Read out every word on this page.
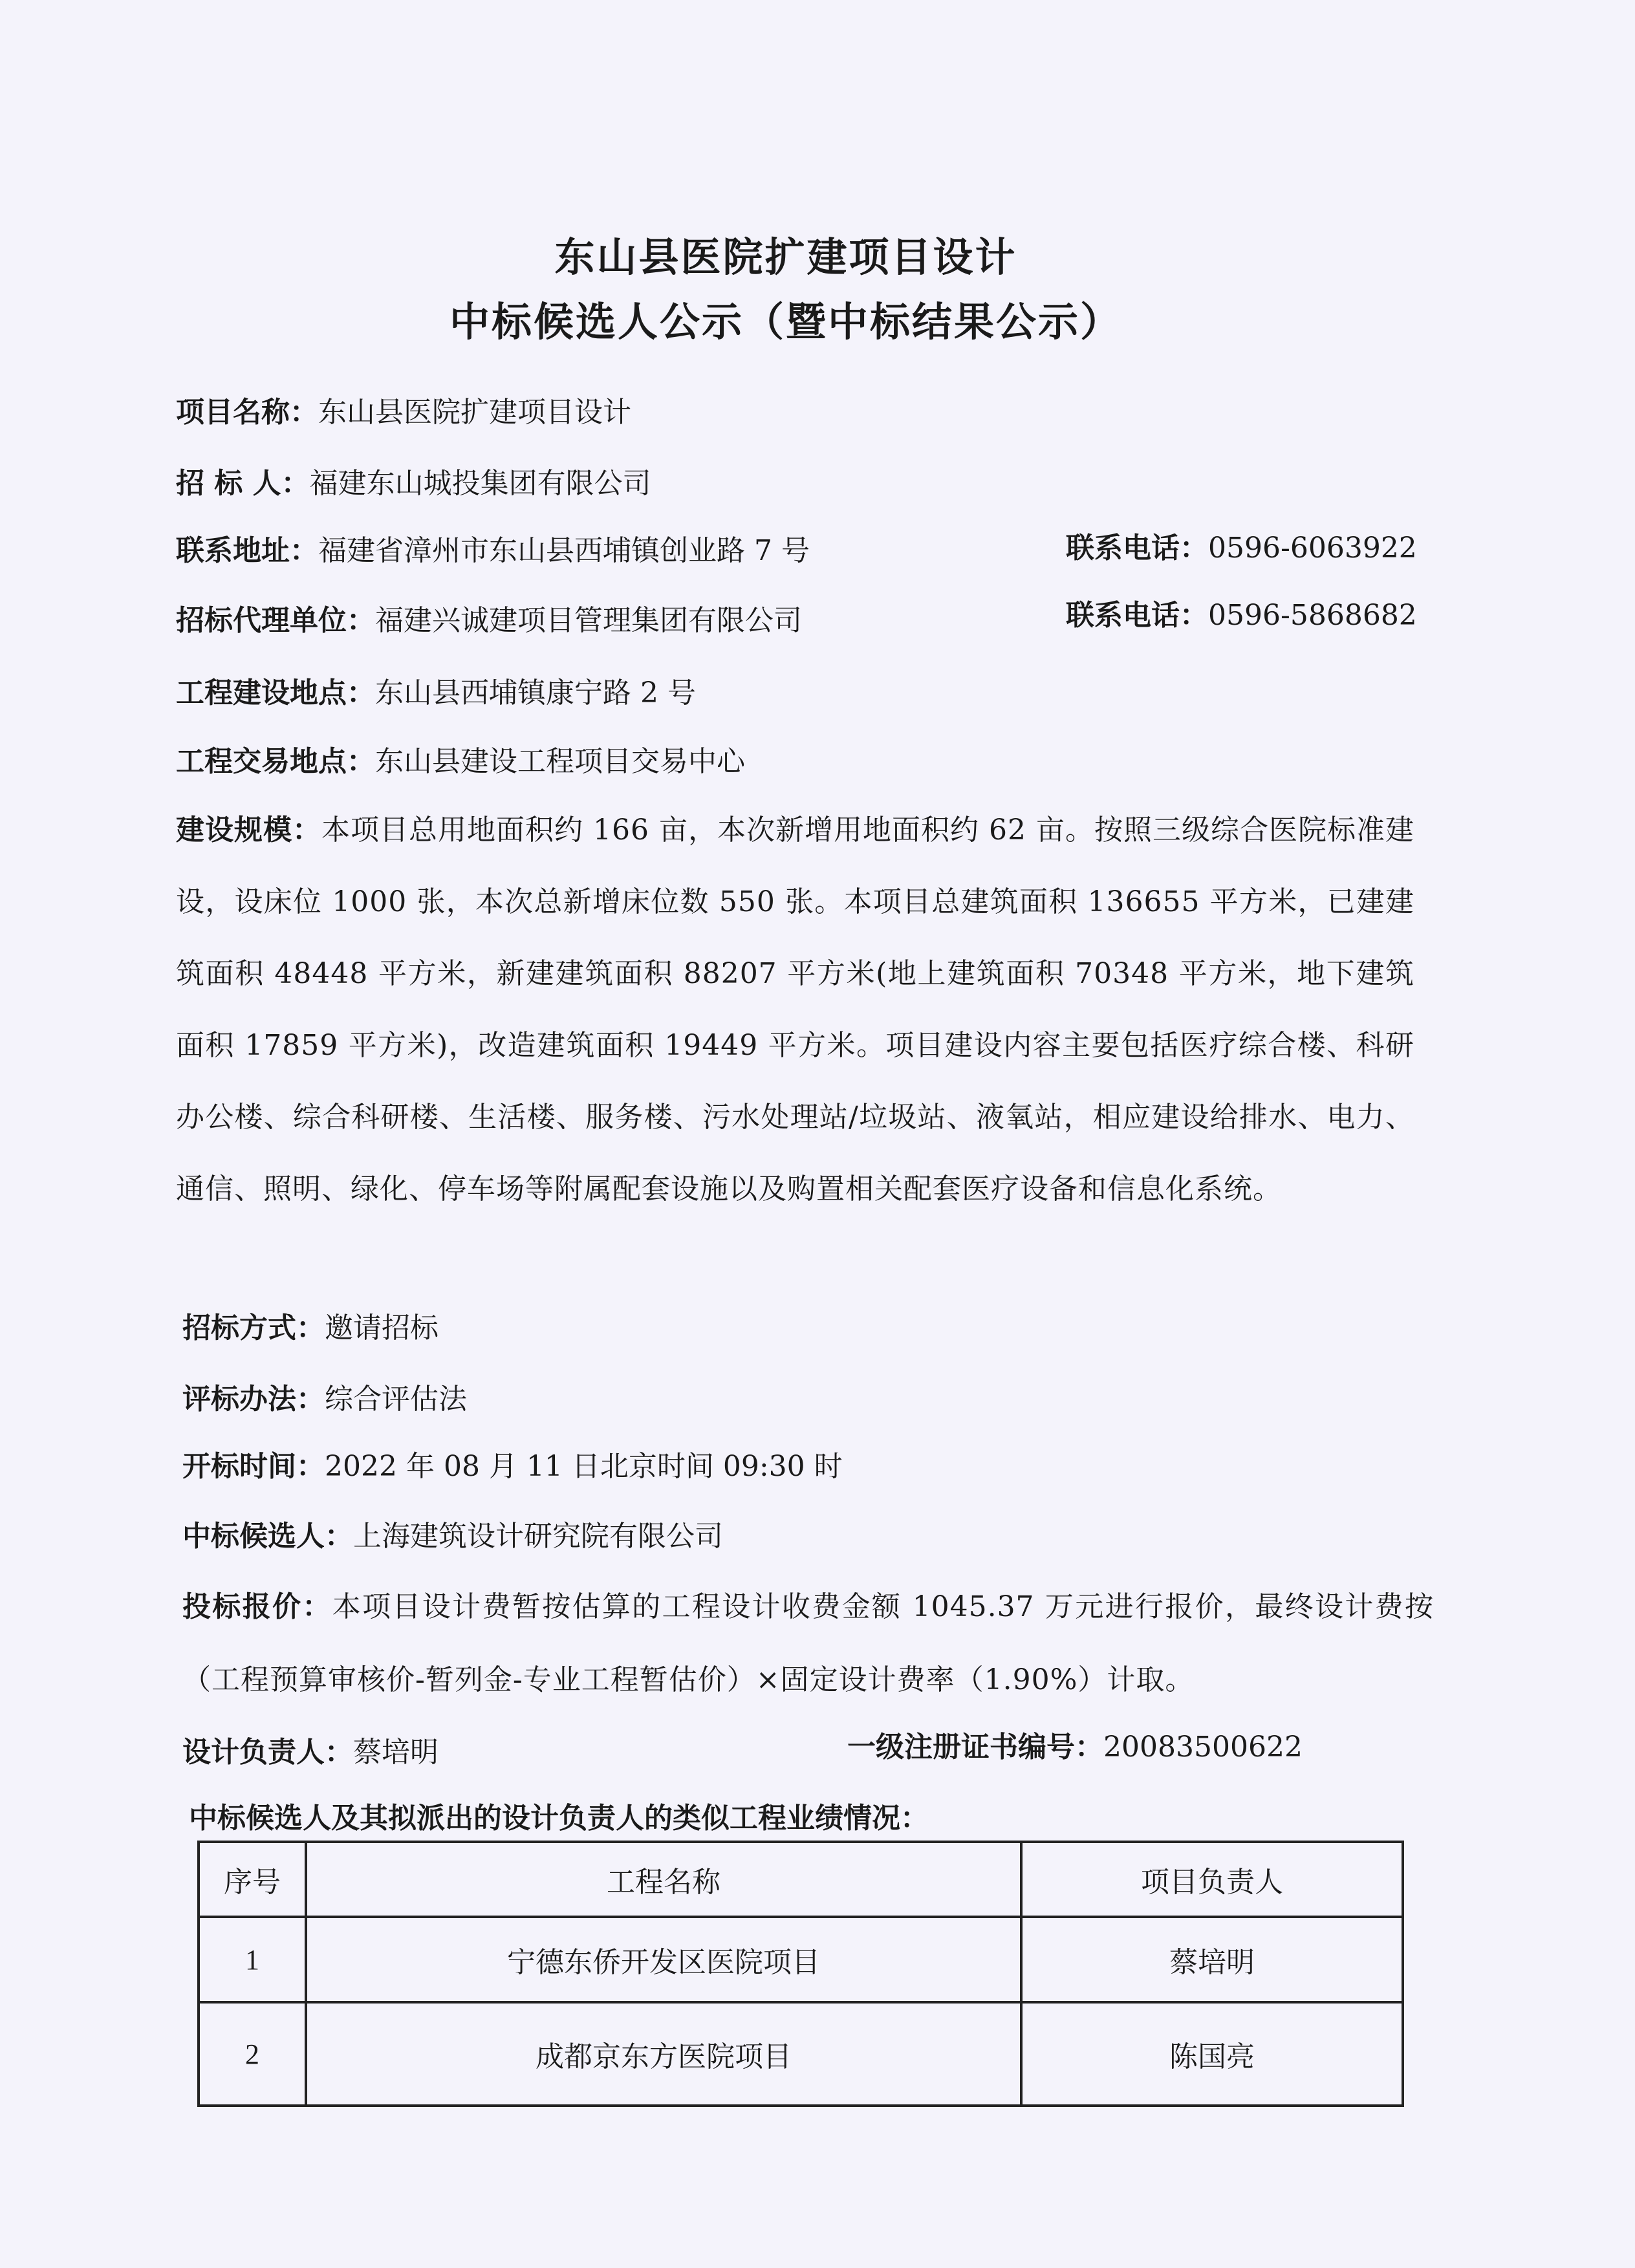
东山县医院扩建项目设计
中标候选人公示（暨中标结果公示）
项目名称：东山县医院扩建项目设计
招 标 人：福建东山城投集团有限公司
联系地址：福建省漳州市东山县西埔镇创业路 7 号	联系电话：0596-6063922
招标代理单位：福建兴诚建项目管理集团有限公司	联系电话：0596-5868682
工程建设地点：东山县西埔镇康宁路 2 号
工程交易地点：东山县建设工程项目交易中心
建设规模：本项目总用地面积约 166 亩，本次新增用地面积约 62 亩。按照三级综合医院标准建设，设床位 1000 张，本次总新增床位数 550 张。本项目总建筑面积 136655 平方米，已建建筑面积 48448 平方米，新建建筑面积 88207 平方米(地上建筑面积 70348 平方米，地下建筑面积 17859 平方米)，改造建筑面积 19449 平方米。项目建设内容主要包括医疗综合楼、科研办公楼、综合科研楼、生活楼、服务楼、污水处理站/垃圾站、液氧站，相应建设给排水、电力、通信、照明、绿化、停车场等附属配套设施以及购置相关配套医疗设备和信息化系统。
招标方式：邀请招标
评标办法：综合评估法
开标时间：2022 年 08 月 11 日北京时间 09:30 时
中标候选人：上海建筑设计研究院有限公司
投标报价：本项目设计费暂按估算的工程设计收费金额 1045.37 万元进行报价，最终设计费按（工程预算审核价-暂列金-专业工程暂估价）×固定设计费率（1.90%）计取。
设计负责人：蔡培明	一级注册证书编号：20083500622
中标候选人及其拟派出的设计负责人的类似工程业绩情况：
序号	工程名称	项目负责人
1	宁德东侨开发区医院项目	蔡培明
2	成都京东方医院项目	陈国亮
